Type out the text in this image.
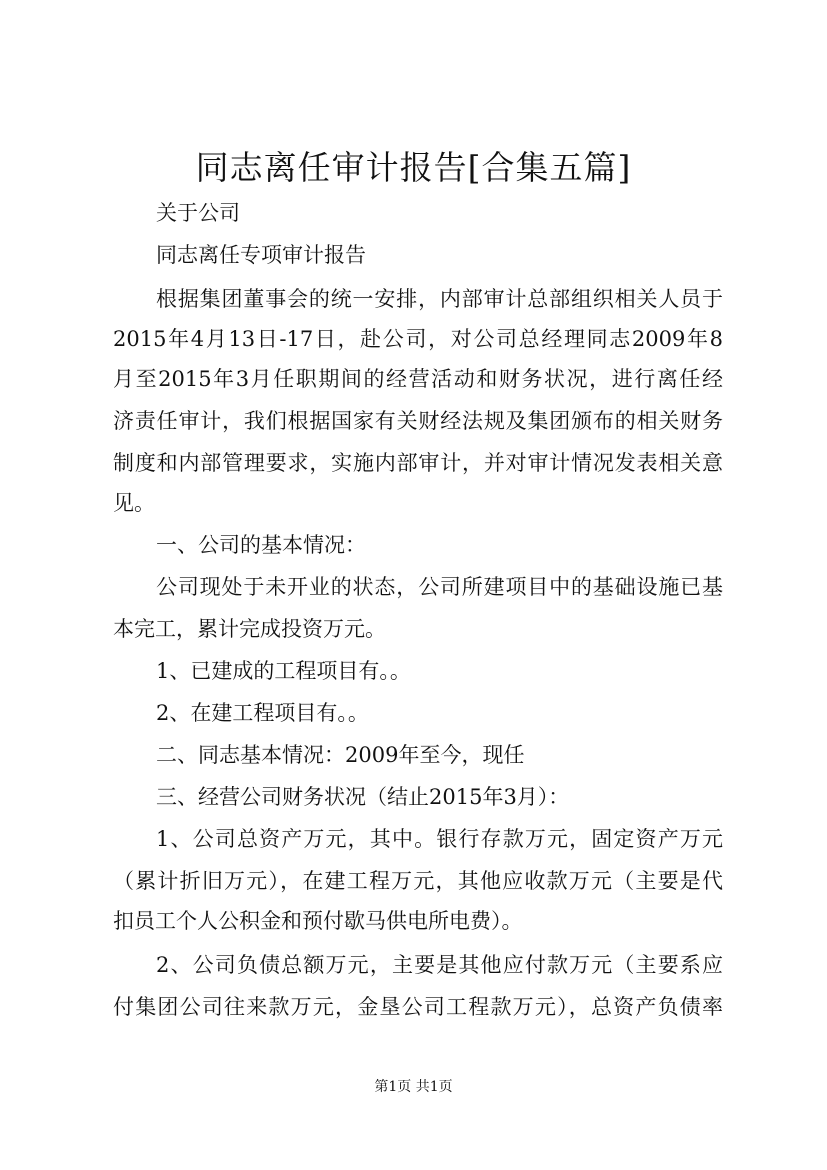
同志离任审计报告[合集五篇]
关于公司
同志离任专项审计报告
根据集团董事会的统一安排，内部审计总部组织相关人员于
2015年4月13日-17日，赴公司，对公司总经理同志2009年8
月至2015年3月任职期间的经营活动和财务状况，进行离任经
济责任审计，我们根据国家有关财经法规及集团颁布的相关财务
制度和内部管理要求，实施内部审计，并对审计情况发表相关意
见。
一、公司的基本情况：
公司现处于未开业的状态，公司所建项目中的基础设施已基
本完工，累计完成投资万元。
1、已建成的工程项目有。。
2、在建工程项目有。。
二、同志基本情况：2009年至今，现任
三、经营公司财务状况（结止2015年3月）：
1、公司总资产万元，其中。银行存款万元，固定资产万元
（累计折旧万元），在建工程万元，其他应收款万元（主要是代
扣员工个人公积金和预付歇马供电所电费）。
2、公司负债总额万元，主要是其他应付款万元（主要系应
付集团公司往来款万元，金垦公司工程款万元），总资产负债率
第1页 共1页
